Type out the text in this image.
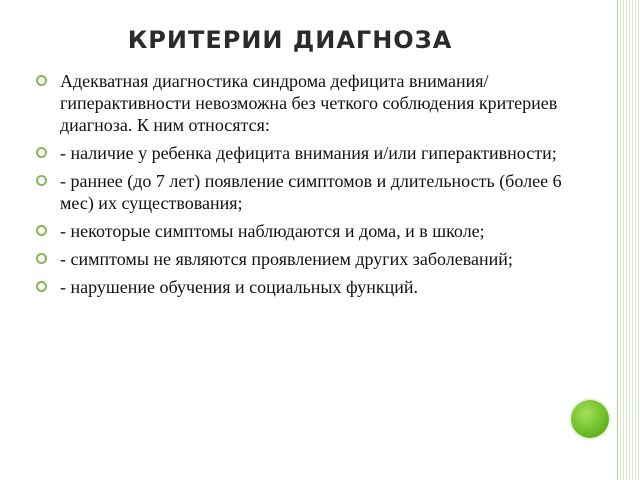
КРИТЕРИИ ДИАГНОЗА
Адекватная диагностика синдрома дефицита внимания/гиперактивности невозможна без четкого соблюдения критериев диагноза. К ним относятся:
- наличие у ребенка дефицита внимания и/или гиперактивности;
- раннее (до 7 лет) появление симптомов и длительность (более 6 мес) их существования;
- некоторые симптомы наблюдаются и дома, и в школе;
- симптомы не являются проявлением других заболеваний;
- нарушение обучения и социальных функций.
